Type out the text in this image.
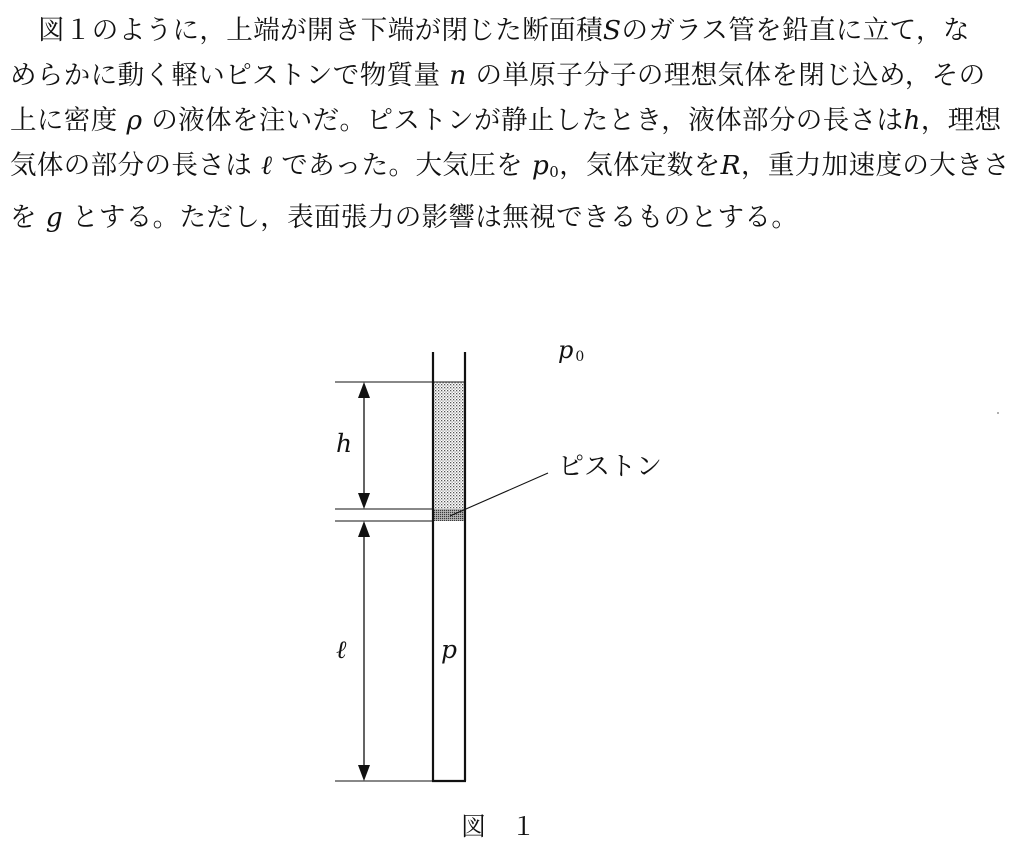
図１のように，上端が開き下端が閉じた断面積Sのガラス管を鉛直に立て，な
めらかに動く軽いピストンで物質量 n の単原子分子の理想気体を閉じ込め，その
上に密度 ρ の液体を注いだ。ピストンが静止したとき，液体部分の長さはh，理想
気体の部分の長さは ℓ であった。大気圧を $p_0$，気体定数をR，重力加速度の大きさ
を g とする。ただし，表面張力の影響は無視できるものとする。
p 0
h
ℓ	p
ピストン
図　１
